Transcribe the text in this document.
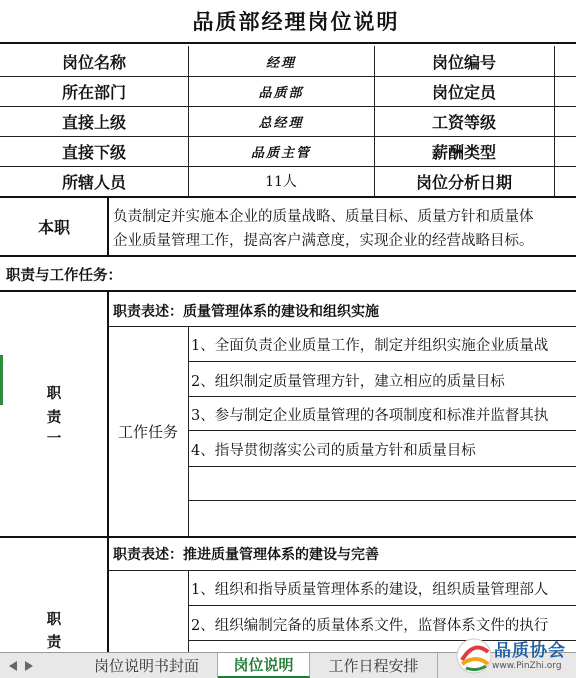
品质部经理岗位说明
岗位名称	经理	岗位编号
所在部门	品质部	岗位定员
直接上级	总经理	工资等级
直接下级	品质主管	薪酬类型
所辖人员	11人	岗位分析日期
本职
负责制定并实施本企业的质量战略、质量目标、质量方针和质量体
企业质量管理工作，提高客户满意度，实现企业的经营战略目标。
职责与工作任务：
职
责
一
职责表述：质量管理体系的建设和组织实施
工作任务
1、全面负责企业质量工作，制定并组织实施企业质量战
2、组织制定质量管理方针，建立相应的质量目标
3、参与制定企业质量管理的各项制度和标准并监督其执
4、指导贯彻落实公司的质量方针和质量目标
职
责
职责表述：推进质量管理体系的建设与完善
1、组织和指导质量管理体系的建设，组织质量管理部人
2、组织编制完备的质量体系文件，监督体系文件的执行
岗位说明书封面	岗位说明	工作日程安排
品质协会
www.PinZhi.org
